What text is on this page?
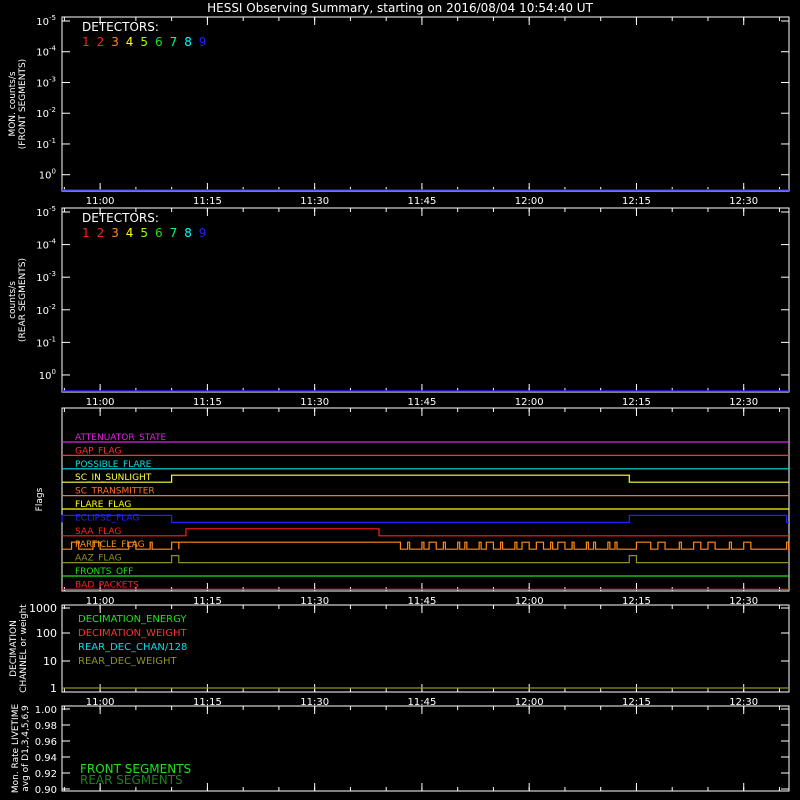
HESSI Observing Summary, starting on 2016/08/04 10:54:40 UT
11:00	11:15	11:30	11:45	12:00	12:15	12:30
11:00	11:15	11:30	11:45	12:00	12:15	12:30
11:00	11:15	11:30	11:45	12:00	12:15	12:30
11:00	11:15	11:30	11:45	12:00	12:15	12:30
$10^{-5}$
$10^{-4}$
$10^{-3}$
$10^{-2}$
$10^{-1}$
$10^0$
MON. counts/s (FRONT SEGMENTS)
DETECTORS:
1 2 3 4 5 6 7 8 9
$10^{-5}$
$10^{-4}$
$10^{-3}$
$10^{-2}$
$10^{-1}$
$10^0$
counts/s (REAR SEGMENTS)
DETECTORS:
1 2 3 4 5 6 7 8 9
Flags
ATTENUATOR_STATE
GAP_FLAG
POSSIBLE_FLARE
SC_IN_SUNLIGHT
SC_TRANSMITTER
FLARE_FLAG
ECLIPSE_FLAG
SAA_FLAG
PARTICLE_FLAG
AAZ_FLAG
FRONTS_OFF
BAD_PACKETS
DECIMATION CHANNEL or weight 1000
100
10
1
DECIMATION_ENERGY
DECIMATION_WEIGHT
REAR_DEC_CHAN/128
REAR_DEC_WEIGHT
Mon. Rate LIVETIME avg of D1,3,4,5,6,9 1.00
0.98
0.96
0.94
0.92
0.90
FRONT SEGMENTS
REAR SEGMENTS
